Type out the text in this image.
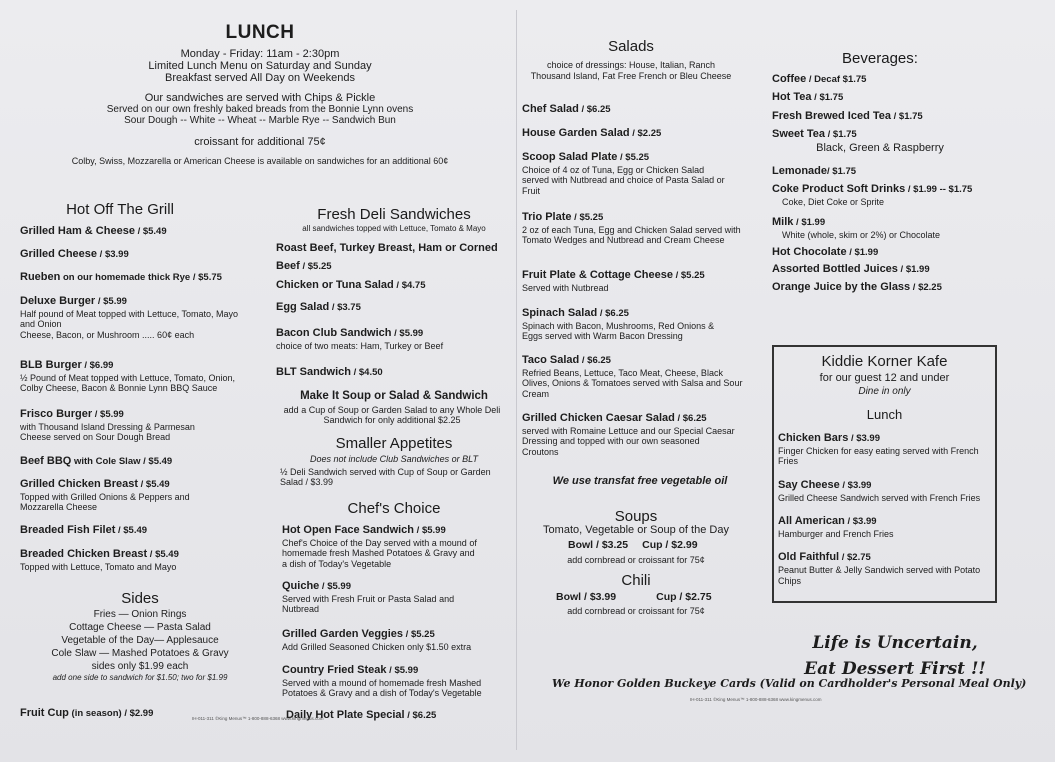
LUNCH
Monday - Friday: 11am - 2:30pm
Limited Lunch Menu on Saturday and Sunday
Breakfast served All Day on Weekends
Our sandwiches are served with Chips & Pickle
Served on our own freshly baked breads from the Bonnie Lynn ovens
Sour Dough -- White -- Wheat -- Marble Rye -- Sandwich Bun
croissant for additional 75¢
Colby, Swiss, Mozzarella or American Cheese is available on sandwiches for an additional 60¢
Hot Off The Grill
Grilled Ham & Cheese / $5.49
Grilled Cheese / $3.99
Rueben on our homemade thick Rye / $5.75
Deluxe Burger / $5.99
Half pound of Meat topped with Lettuce, Tomato, Mayo and Onion
Cheese, Bacon, or Mushroom ..... 60¢ each
BLB Burger / $6.99
½ Pound of Meat topped with Lettuce, Tomato, Onion, Colby Cheese, Bacon & Bonnie Lynn BBQ Sauce
Frisco Burger / $5.99
with Thousand Island Dressing & Parmesan Cheese served on Sour Dough Bread
Beef BBQ with Cole Slaw / $5.49
Grilled Chicken Breast / $5.49
Topped with Grilled Onions & Peppers and Mozzarella Cheese
Breaded Fish Filet / $5.49
Breaded Chicken Breast / $5.49
Topped with Lettuce, Tomato and Mayo
Sides
Fries — Onion Rings
Cottage Cheese — Pasta Salad
Vegetable of the Day— Applesauce
Cole Slaw — Mashed Potatoes & Gravy
sides only $1.99 each
add one side to sandwich for $1.50; two for $1.99
Fruit Cup (in season) / $2.99
Fresh Deli Sandwiches
all sandwiches topped with Lettuce, Tomato & Mayo
Roast Beef, Turkey Breast, Ham or Corned Beef / $5.25
Chicken or Tuna Salad / $4.75
Egg Salad / $3.75
Bacon Club Sandwich / $5.99
choice of two meats: Ham, Turkey or Beef
BLT Sandwich / $4.50
Make It Soup or Salad & Sandwich
add a Cup of Soup or Garden Salad to any Whole Deli Sandwich for only additional $2.25
Smaller Appetites
Does not include Club Sandwiches or BLT
½ Deli Sandwich served with Cup of Soup or Garden Salad / $3.99
Chef's Choice
Hot Open Face Sandwich / $5.99
Chef's Choice of the Day served with a mound of homemade fresh Mashed Potatoes & Gravy and a dish of Today's Vegetable
Quiche / $5.99
Served with Fresh Fruit or Pasta Salad and Nutbread
Grilled Garden Veggies / $5.25
Add Grilled Seasoned Chicken only $1.50 extra
Country Fried Steak / $5.99
Served with a mound of homemade fresh Mashed Potatoes & Gravy and a dish of Today's Vegetable
Daily Hot Plate Special / $6.25
IH-011-311 ©King Menus™ 1-800-888-6368 www.kingmenus.com
Salads
choice of dressings: House, Italian, Ranch
Thousand Island, Fat Free French or Bleu Cheese
Chef Salad / $6.25
House Garden Salad / $2.25
Scoop Salad Plate / $5.25
Choice of 4 oz of Tuna, Egg or Chicken Salad served with Nutbread and choice of Pasta Salad or Fruit
Trio Plate / $5.25
2 oz of each Tuna, Egg and Chicken Salad served with Tomato Wedges and Nutbread and Cream Cheese
Fruit Plate & Cottage Cheese / $5.25
Served with Nutbread
Spinach Salad / $6.25
Spinach with Bacon, Mushrooms, Red Onions & Eggs served with Warm Bacon Dressing
Taco Salad / $6.25
Refried Beans, Lettuce, Taco Meat, Cheese, Black Olives, Onions & Tomatoes served with Salsa and Sour Cream
Grilled Chicken Caesar Salad / $6.25
served with Romaine Lettuce and our Special Caesar Dressing and topped with our own seasoned Croutons
We use transfat free vegetable oil
Soups
Tomato, Vegetable or Soup of the Day
Bowl / $3.25 Cup / $2.99
add cornbread or croissant for 75¢
Chili
Bowl / $3.99	Cup / $2.75
add cornbread or croissant for 75¢
Beverages:
Coffee / Decaf $1.75
Hot Tea / $1.75
Fresh Brewed Iced Tea / $1.75
Sweet Tea / $1.75
Black, Green & Raspberry
Lemonade/ $1.75
Coke Product Soft Drinks / $1.99 -- $1.75
Coke, Diet Coke or Sprite
Milk / $1.99
White (whole, skim or 2%) or Chocolate
Hot Chocolate / $1.99
Assorted Bottled Juices / $1.99
Orange Juice by the Glass / $2.25
Kiddie Korner Kafe
for our guest 12 and under
Dine in only
Lunch
Chicken Bars / $3.99
Finger Chicken for easy eating served with French Fries
Say Cheese / $3.99
Grilled Cheese Sandwich served with French Fries
All American / $3.99
Hamburger and French Fries
Old Faithful / $2.75
Peanut Butter & Jelly Sandwich served with Potato Chips
Life is Uncertain,
Eat Dessert First !!
We Honor Golden Buckeye Cards (Valid on Cardholder's Personal Meal Only)
IH-011-311 ©King Menus™ 1-800-888-6368 www.kingmenus.com
